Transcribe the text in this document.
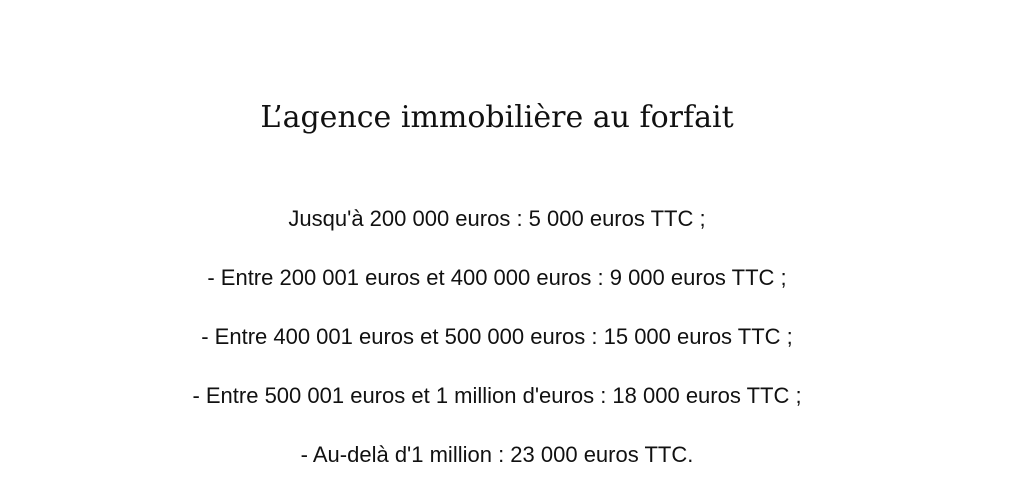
L’agence immobilière au forfait
Jusqu'à 200 000 euros : 5 000 euros TTC ;
- Entre 200 001 euros et 400 000 euros : 9 000 euros TTC ;
- Entre 400 001 euros et 500 000 euros : 15 000 euros TTC ;
- Entre 500 001 euros et 1 million d'euros : 18 000 euros TTC ;
- Au-delà d'1 million : 23 000 euros TTC.
